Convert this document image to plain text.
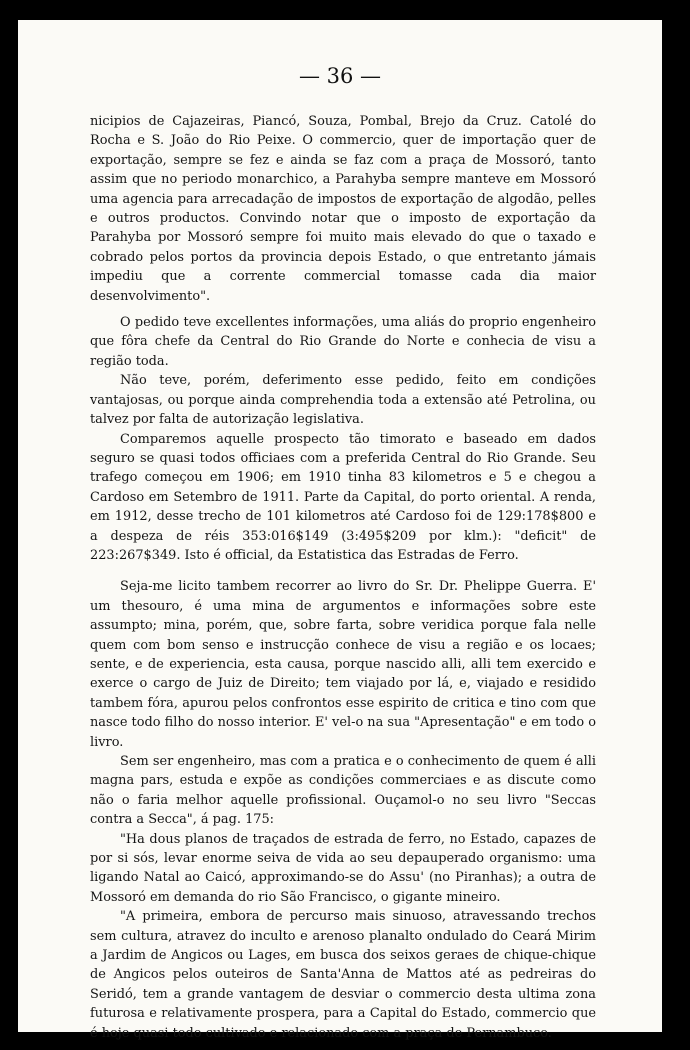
— 36 —

nicipios de Cajazeiras, Piancó, Souza, Pombal, Brejo da Cruz. Catolé do Rocha e S. João do Rio Peixe. O commercio, quer de importação quer de exportação, sempre se fez e ainda se faz com a praça de Mossoró, tanto assim que no periodo monarchico, a Parahyba sempre manteve em Mossoró uma agencia para arrecadação de impostos de exportação de algodão, pelles e outros productos. Convindo notar que o imposto de exportação da Parahyba por Mossoró sempre foi muito mais elevado do que o taxado e cobrado pelos portos da provincia depois Estado, o que entretanto jámais impediu que a corrente commercial tomasse cada dia maior desenvolvimento".

O pedido teve excellentes informações, uma aliás do proprio engenheiro que fôra chefe da Central do Rio Grande do Norte e conhecia de visu a região toda.

Não teve, porém, deferimento esse pedido, feito em condições vantajosas, ou porque ainda comprehendia toda a extensão até Petrolina, ou talvez por falta de autorização legislativa.

Comparemos aquelle prospecto tão timorato e baseado em dados seguro se quasi todos officiaes com a preferida Central do Rio Grande. Seu trafego começou em 1906; em 1910 tinha 83 kilometros e 5 e chegou a Cardoso em Setembro de 1911. Parte da Capital, do porto oriental. A renda, em 1912, desse trecho de 101 kilometros até Cardoso foi de 129:178$800 e a despeza de réis 353:016$149 (3:495$209 por klm.): "deficit" de 223:267$349. Isto é official, da Estatistica das Estradas de Ferro.

Seja-me licito tambem recorrer ao livro do Sr. Dr. Phelippe Guerra. E' um thesouro, é uma mina de argumentos e informações sobre este assumpto; mina, porém, que, sobre farta, sobre veridica porque fala nelle quem com bom senso e instrucção conhece de visu a região e os locaes; sente, e de experiencia, esta causa, porque nascido alli, alli tem exercido e exerce o cargo de Juiz de Direito; tem viajado por lá, e, viajado e residido tambem fóra, apurou pelos confrontos esse espirito de critica e tino com que nasce todo filho do nosso interior. E' vel-o na sua "Apresentação" e em todo o livro.

Sem ser engenheiro, mas com a pratica e o conhecimento de quem é alli magna pars, estuda e expõe as condições commerciaes e as discute como não o faria melhor aquelle profissional. Ouçamol-o no seu livro "Seccas contra a Secca", á pag. 175:

"Ha dous planos de traçados de estrada de ferro, no Estado, capazes de por si sós, levar enorme seiva de vida ao seu depauperado organismo: uma ligando Natal ao Caicó, approximando-se do Assu' (no Piranhas); a outra de Mossoró em demanda do rio São Francisco, o gigante mineiro.

"A primeira, embora de percurso mais sinuoso, atravessando trechos sem cultura, atravez do inculto e arenoso planalto ondulado do Ceará Mirim a Jardim de Angicos ou Lages, em busca dos seixos geraes de chique-chique de Angicos pelos outeiros de Santa'Anna de Mattos até as pedreiras do Seridó, tem a grande vantagem de desviar o commercio desta ultima zona futurosa e relativamente prospera, para a Capital do Estado, commercio que é hoje quasi todo cultivado e relacionado com a praça de Pernambuco.
